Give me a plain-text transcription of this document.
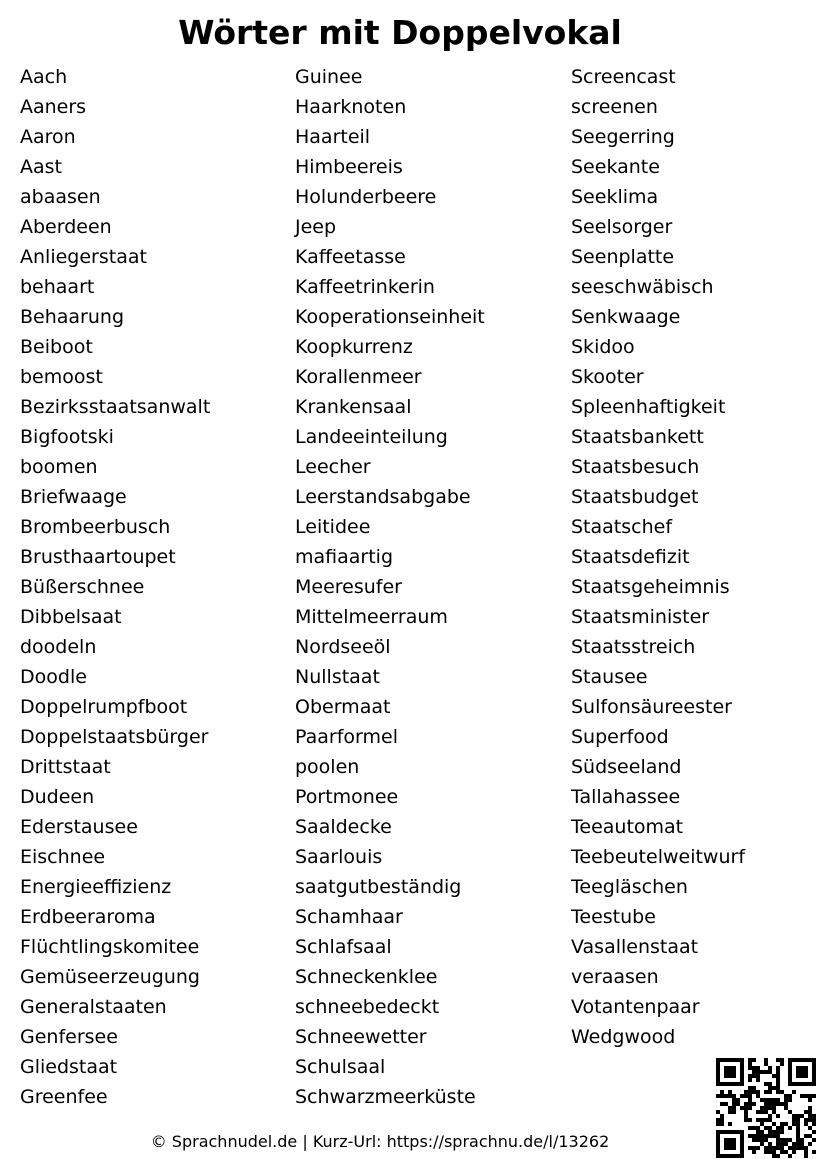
Wörter mit Doppelvokal
Aach
Aaners
Aaron
Aast
abaasen
Aberdeen
Anliegerstaat
behaart
Behaarung
Beiboot
bemoost
Bezirksstaatsanwalt
Bigfootski
boomen
Briefwaage
Brombeerbusch
Brusthaartoupet
Büßerschnee
Dibbelsaat
doodeln
Doodle
Doppelrumpfboot
Doppelstaatsbürger
Drittstaat
Dudeen
Ederstausee
Eischnee
Energieeffizienz
Erdbeeraroma
Flüchtlingskomitee
Gemüseerzeugung
Generalstaaten
Genfersee
Gliedstaat
Greenfee
Guinee
Haarknoten
Haarteil
Himbeereis
Holunderbeere
Jeep
Kaffeetasse
Kaffeetrinkerin
Kooperationseinheit
Koopkurrenz
Korallenmeer
Krankensaal
Landeeinteilung
Leecher
Leerstandsabgabe
Leitidee
mafiaartig
Meeresufer
Mittelmeerraum
Nordseeöl
Nullstaat
Obermaat
Paarformel
poolen
Portmonee
Saaldecke
Saarlouis
saatgutbeständig
Schamhaar
Schlafsaal
Schneckenklee
schneebedeckt
Schneewetter
Schulsaal
Schwarzmeerküste
Screencast
screenen
Seegerring
Seekante
Seeklima
Seelsorger
Seenplatte
seeschwäbisch
Senkwaage
Skidoo
Skooter
Spleenhaftigkeit
Staatsbankett
Staatsbesuch
Staatsbudget
Staatschef
Staatsdefizit
Staatsgeheimnis
Staatsminister
Staatsstreich
Stausee
Sulfonsäureester
Superfood
Südseeland
Tallahassee
Teeautomat
Teebeutelweitwurf
Teegläschen
Teestube
Vasallenstaat
veraasen
Votantenpaar
Wedgwood
© Sprachnudel.de | Kurz-Url: https://sprachnu.de/l/13262
